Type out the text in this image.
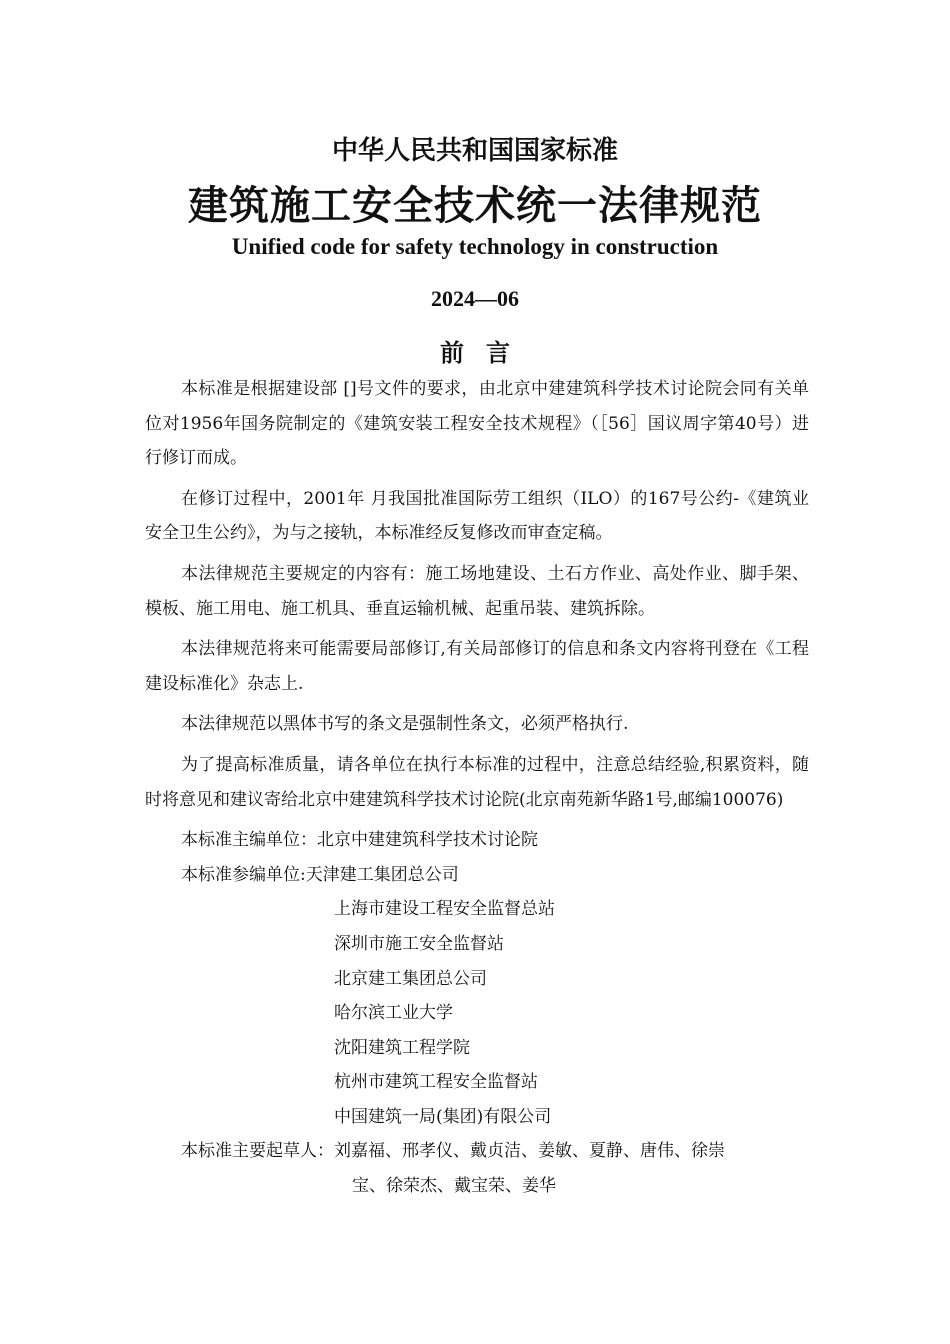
中华人民共和国国家标准
建筑施工安全技术统一法律规范
Unified code for safety technology in construction
2024—06
前言

本标准是根据建设部 []号文件的要求，由北京中建建筑科学技术讨论院会同有关单位对1956年国务院制定的《建筑安装工程安全技术规程》（［56］国议周字第40号）进行修订而成。

在修订过程中，2001年 月我国批准国际劳工组织（ILO）的167号公约-《建筑业安全卫生公约》，为与之接轨，本标准经反复修改而审查定稿。

本法律规范主要规定的内容有：施工场地建设、土石方作业、高处作业、脚手架、模板、施工用电、施工机具、垂直运输机械、起重吊装、建筑拆除。

本法律规范将来可能需要局部修订,有关局部修订的信息和条文内容将刊登在《工程建设标准化》杂志上.

本法律规范以黑体书写的条文是强制性条文，必须严格执行.

为了提高标准质量，请各单位在执行本标准的过程中，注意总结经验,积累资料，随时将意见和建议寄给北京中建建筑科学技术讨论院(北京南苑新华路1号,邮编100076)

本标准主编单位：北京中建建筑科学技术讨论院
本标准参编单位:天津建工集团总公司
上海市建设工程安全监督总站
深圳市施工安全监督站
北京建工集团总公司
哈尔滨工业大学
沈阳建筑工程学院
杭州市建筑工程安全监督站
中国建筑一局(集团)有限公司
本标准主要起草人：刘嘉福、邢孝仪、戴贞洁、姜敏、夏静、唐伟、徐崇
宝、徐荣杰、戴宝荣、姜华
